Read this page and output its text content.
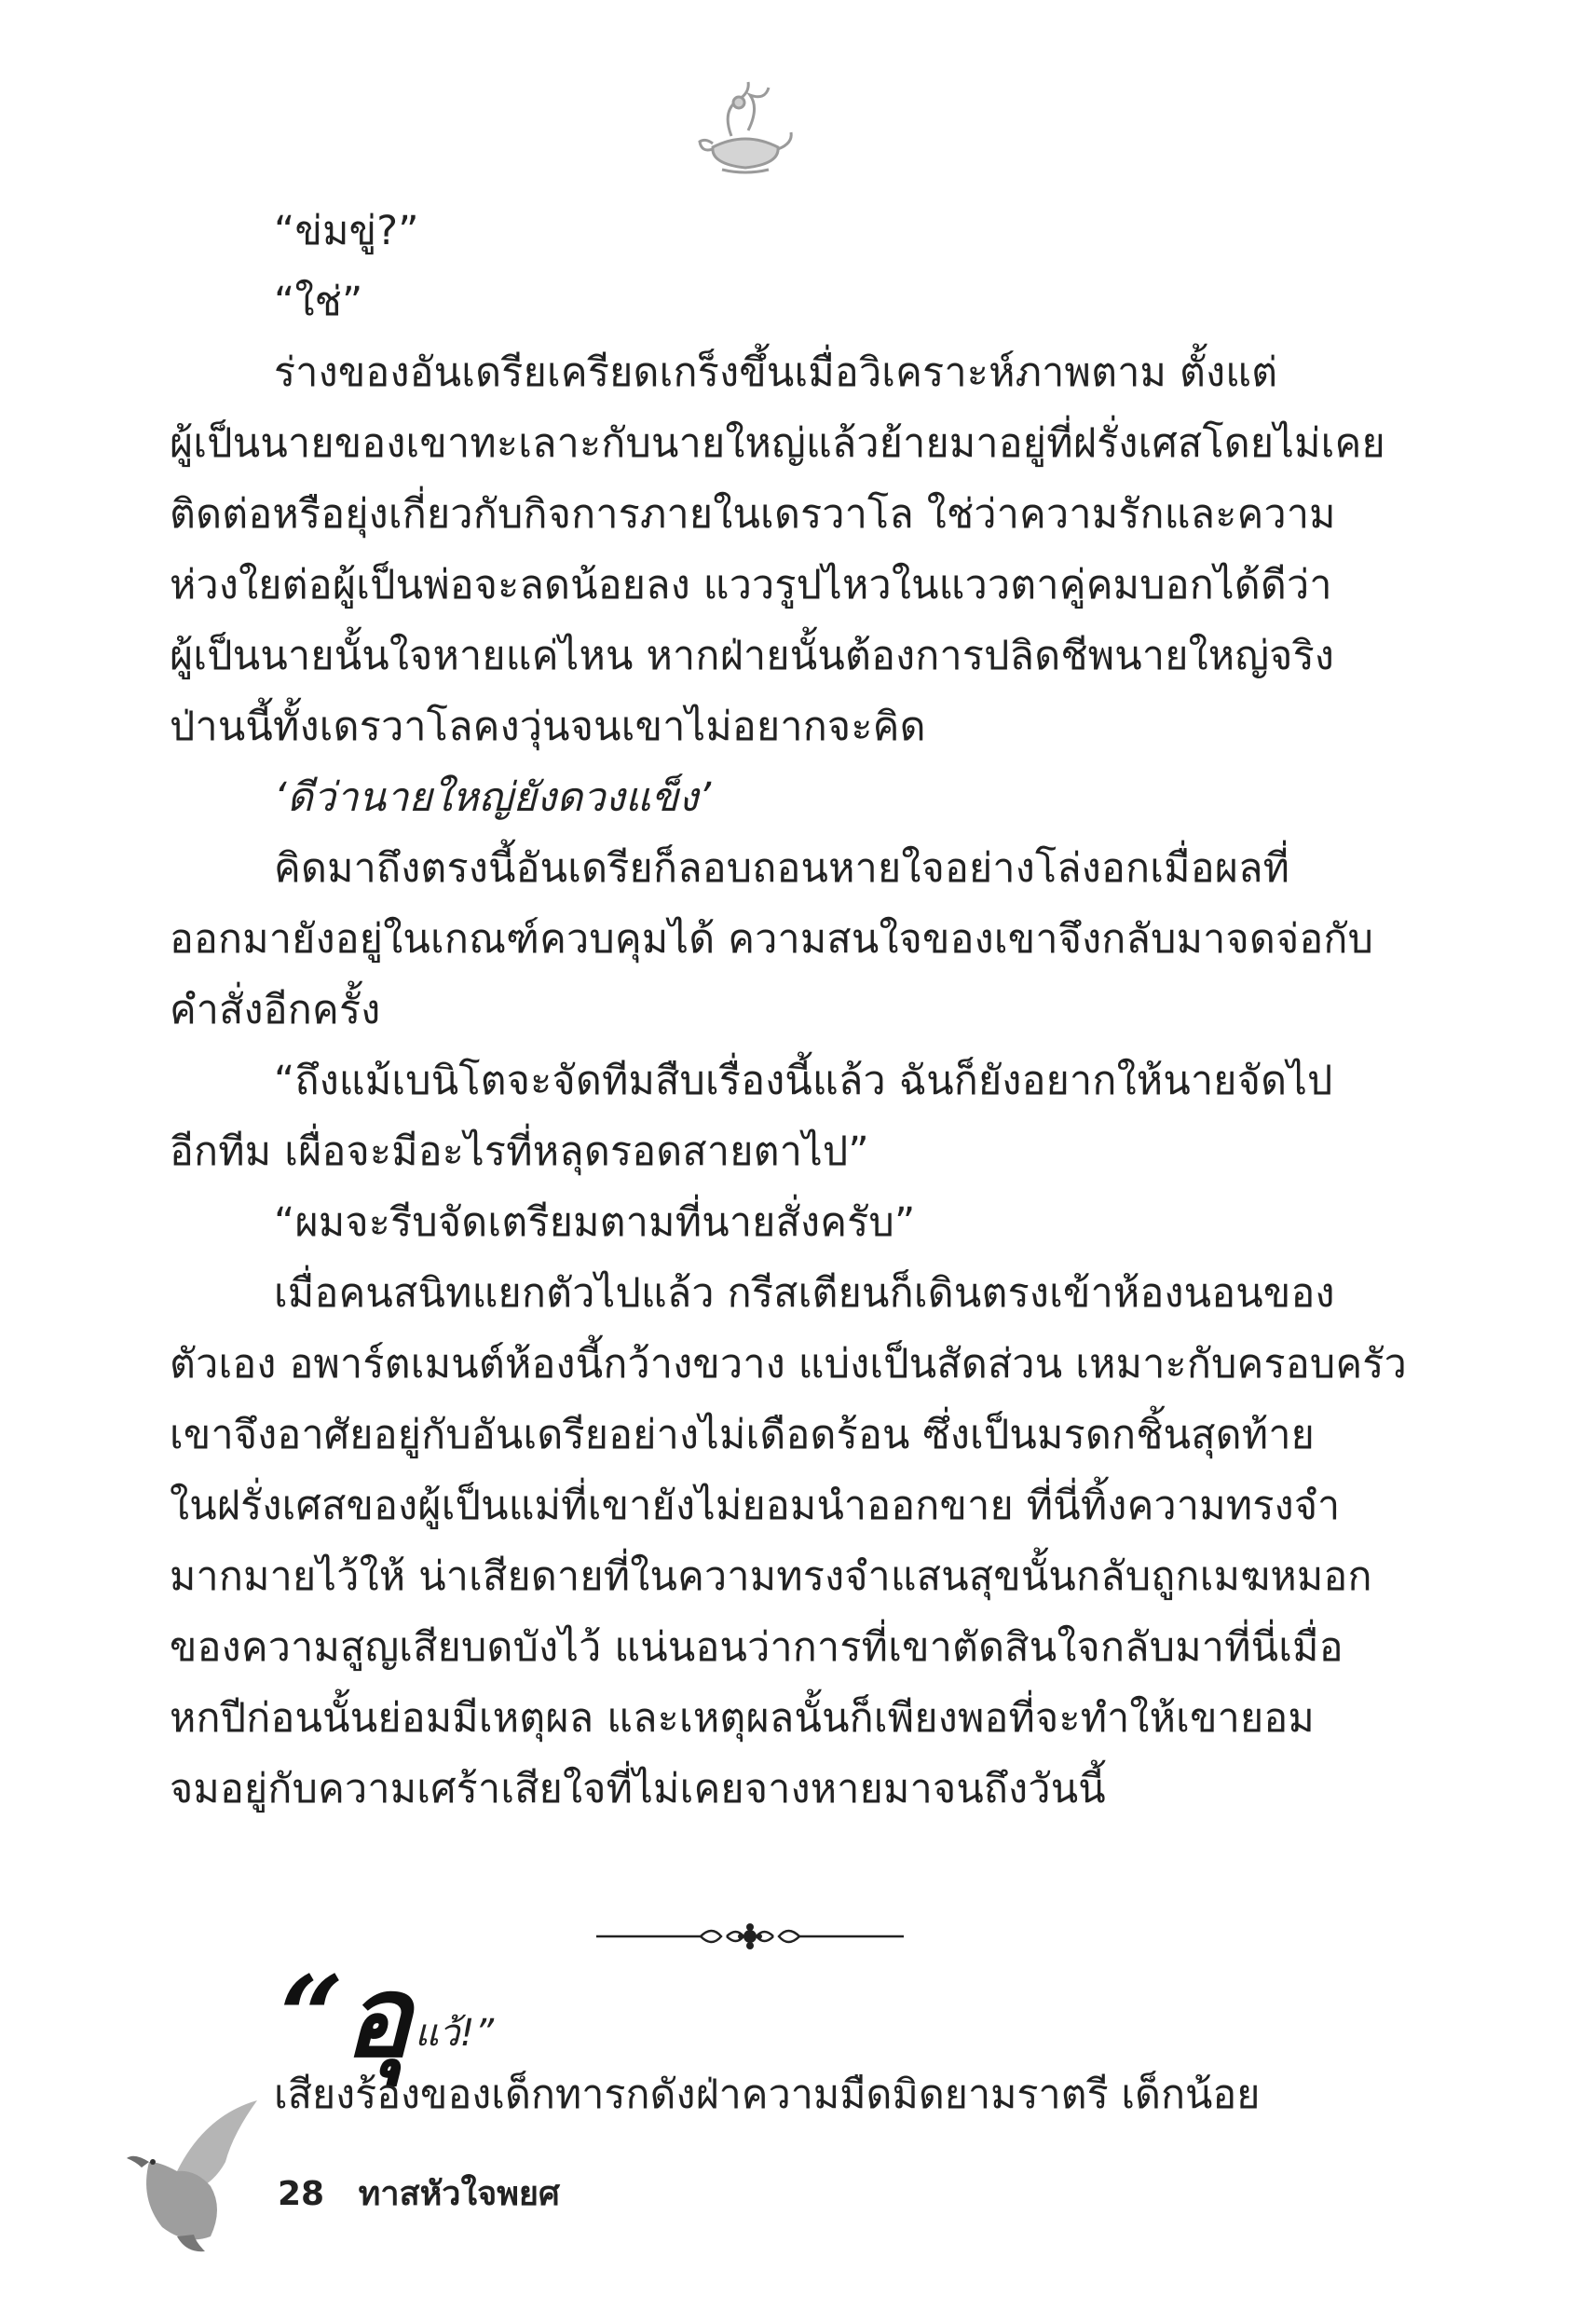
“ข่มขู่?”
“ใช่”
ร่างของอันเดรียเครียดเกร็งขึ้นเมื่อวิเคราะห์ภาพตาม ตั้งแต่
ผู้เป็นนายของเขาทะเลาะกับนายใหญ่แล้วย้ายมาอยู่ที่ฝรั่งเศสโดยไม่เคย
ติดต่อหรือยุ่งเกี่ยวกับกิจการภายในเดรวาโล ใช่ว่าความรักและความ
ห่วงใยต่อผู้เป็นพ่อจะลดน้อยลง แววรูปไหวในแววตาคู่คมบอกได้ดีว่า
ผู้เป็นนายนั้นใจหายแค่ไหน หากฝ่ายนั้นต้องการปลิดชีพนายใหญ่จริง
ป่านนี้ทั้งเดรวาโลคงวุ่นจนเขาไม่อยากจะคิด
‘ดีว่านายใหญ่ยังดวงแข็ง’
คิดมาถึงตรงนี้อันเดรียก็ลอบถอนหายใจอย่างโล่งอกเมื่อผลที่
ออกมายังอยู่ในเกณฑ์ควบคุมได้ ความสนใจของเขาจึงกลับมาจดจ่อกับ
คำสั่งอีกครั้ง
“ถึงแม้เบนิโตจะจัดทีมสืบเรื่องนี้แล้ว ฉันก็ยังอยากให้นายจัดไป
อีกทีม เผื่อจะมีอะไรที่หลุดรอดสายตาไป”
“ผมจะรีบจัดเตรียมตามที่นายสั่งครับ”
เมื่อคนสนิทแยกตัวไปแล้ว กรีสเตียนก็เดินตรงเข้าห้องนอนของ
ตัวเอง อพาร์ตเมนต์ห้องนี้กว้างขวาง แบ่งเป็นสัดส่วน เหมาะกับครอบครัว
เขาจึงอาศัยอยู่กับอันเดรียอย่างไม่เดือดร้อน ซึ่งเป็นมรดกชิ้นสุดท้าย
ในฝรั่งเศสของผู้เป็นแม่ที่เขายังไม่ยอมนำออกขาย ที่นี่ทิ้งความทรงจำ
มากมายไว้ให้ น่าเสียดายที่ในความทรงจำแสนสุขนั้นกลับถูกเมฆหมอก
ของความสูญเสียบดบังไว้ แน่นอนว่าการที่เขาตัดสินใจกลับมาที่นี่เมื่อ
หกปีก่อนนั้นย่อมมีเหตุผล และเหตุผลนั้นก็เพียงพอที่จะทำให้เขายอม
จมอยู่กับความเศร้าเสียใจที่ไม่เคยจางหายมาจนถึงวันนี้
“อุ แว้!”
เสียงร้องของเด็กทารกดังฝ่าความมืดมิดยามราตรี เด็กน้อย
28 ทาสหัวใจพยศ
